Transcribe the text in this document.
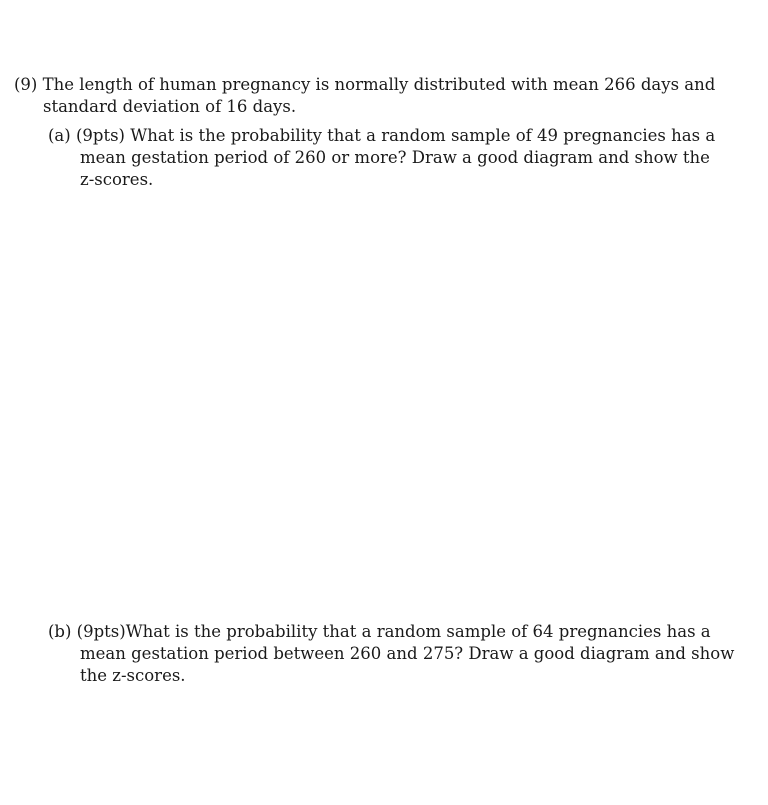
(9) The length of human pregnancy is normally distributed with mean 266 days and
standard deviation of 16 days.
(a) (9pts) What is the probability that a random sample of 49 pregnancies has a
mean gestation period of 260 or more? Draw a good diagram and show the
z-scores.
(b) (9pts)What is the probability that a random sample of 64 pregnancies has a
mean gestation period between 260 and 275? Draw a good diagram and show
the z-scores.
